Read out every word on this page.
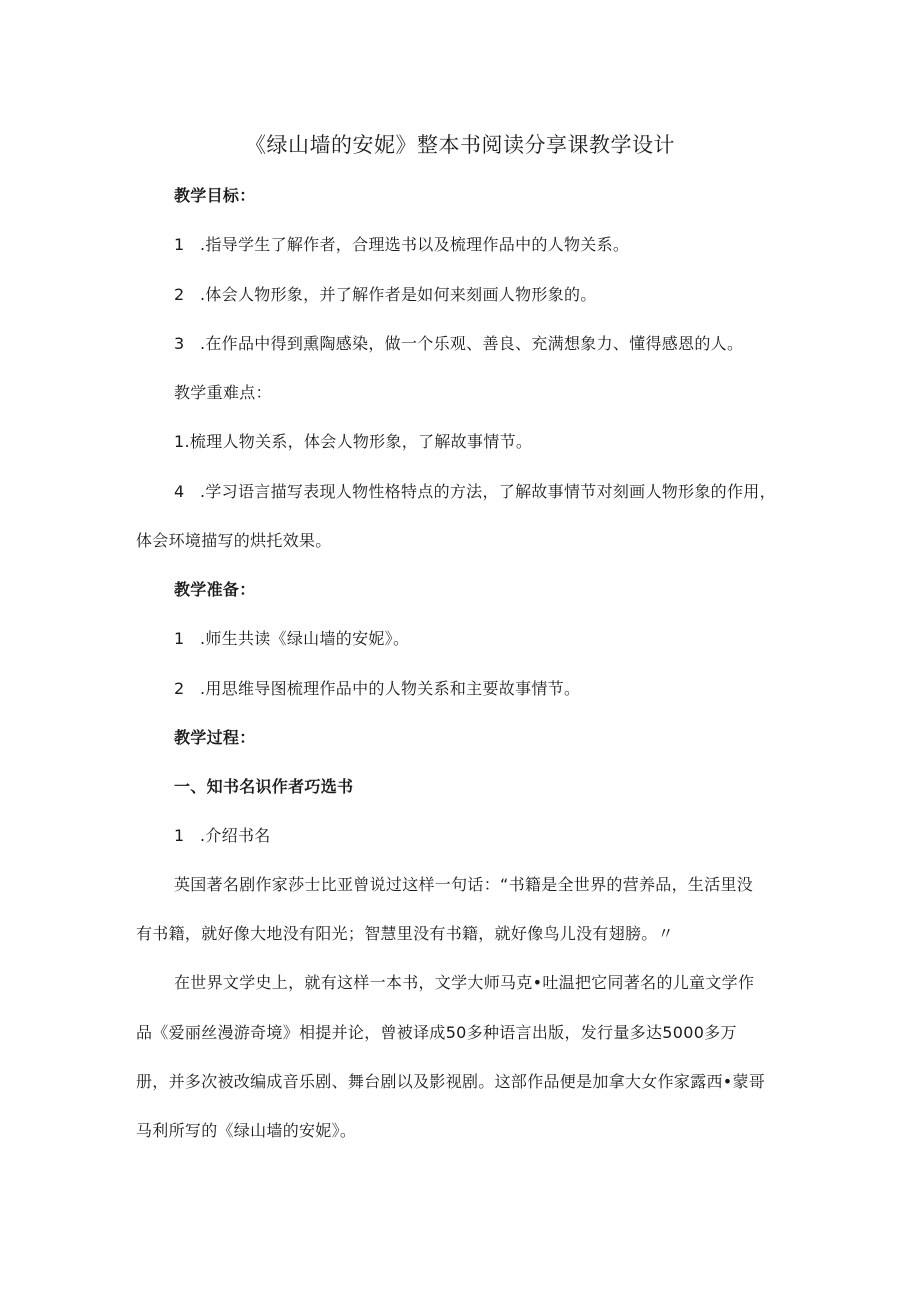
《绿山墙的安妮》整本书阅读分享课教学设计
教学目标：
1 .指导学生了解作者，合理选书以及梳理作品中的人物关系。
2 .体会人物形象，并了解作者是如何来刻画人物形象的。
3 .在作品中得到熏陶感染，做一个乐观、善良、充满想象力、懂得感恩的人。
教学重难点：
1.梳理人物关系，体会人物形象，了解故事情节。
4 .学习语言描写表现人物性格特点的方法，了解故事情节对刻画人物形象的作用，
体会环境描写的烘托效果。
教学准备：
1 .师生共读《绿山墙的安妮》。
2 .用思维导图梳理作品中的人物关系和主要故事情节。
教学过程：
一、知书名识作者巧选书
1 .介绍书名
英国著名剧作家莎士比亚曾说过这样一句话：“书籍是全世界的营养品，生活里没
有书籍，就好像大地没有阳光；智慧里没有书籍，就好像鸟儿没有翅膀。〃
在世界文学史上，就有这样一本书，文学大师马克•吐温把它同著名的儿童文学作
品《爱丽丝漫游奇境》相提并论，曾被译成50多种语言出版，发行量多达5000多万
册，并多次被改编成音乐剧、舞台剧以及影视剧。这部作品便是加拿大女作家露西•蒙哥
马利所写的《绿山墙的安妮》。
